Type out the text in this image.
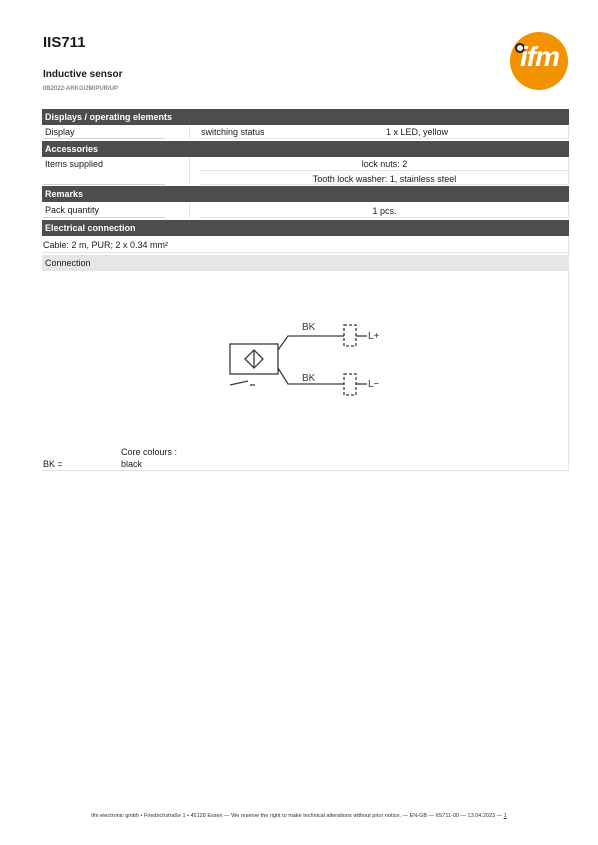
IIS711
Inductive sensor
IIB2022-ARKG/2M/PUR/UP
ifm
Displays / operating elements
Display	switching status	1 x LED, yellow
Accessories
Items supplied	lock nuts: 2
Tooth lock washer: 1, stainless steel
Remarks
Pack quantity	1 pcs.
Electrical connection
Cable: 2 m, PUR; 2 x 0.34 mm²
Connection
BK
BK
L+
L−
Core colours :
BK =	black
ifm electronic gmbh • Friedrichstraße 1 • 45128 Essen — We reserve the right to make technical alterations without prior notice. — EN-GB — IIS711-00 — 13.04.2023 — 1
